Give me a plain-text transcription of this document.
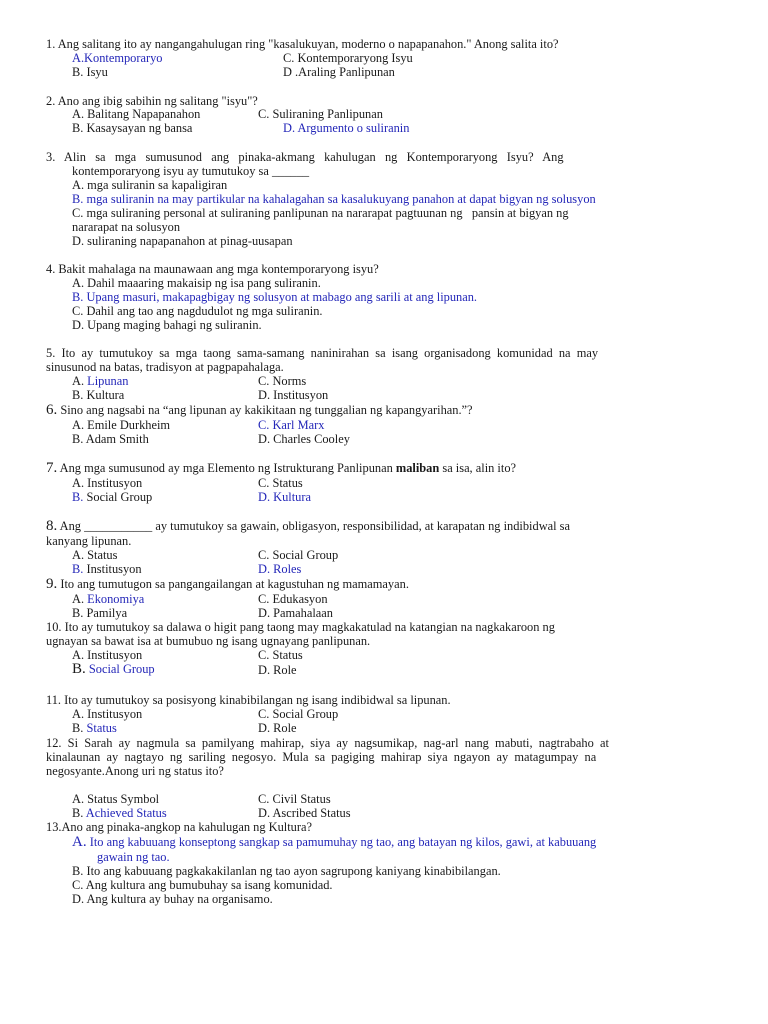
1. Ang salitang ito ay nangangahulugan ring "kasalukuyan, moderno o napapanahon." Anong salita ito?
A.Kontemporaryo	C. Kontemporaryong Isyu
B. Isyu	D .Araling Panlipunan
2. Ano ang ibig sabihin ng salitang "isyu"?
A. Balitang Napapanahon	C. Suliraning Panlipunan
B. Kasaysayan ng bansa	D. Argumento o suliranin
3.   Alin   sa   mga   sumusunod   ang   pinaka-akmang   kahulugan   ng   Kontemporaryong   Isyu?   Ang
kontemporaryong isyu ay tumutukoy sa ______
A. mga suliranin sa kapaligiran
B. mga suliranin na may partikular na kahalagahan sa kasalukuyang panahon at dapat bigyan ng solusyon
C. mga suliraning personal at suliraning panlipunan na nararapat pagtuunan ng   pansin at bigyan ng
nararapat na solusyon
D. suliraning napapanahon at pinag-uusapan
4. Bakit mahalaga na maunawaan ang mga kontemporaryong isyu?
A. Dahil maaaring makaisip ng isa pang suliranin.
B. Upang masuri, makapagbigay ng solusyon at mabago ang sarili at ang lipunan.
C. Dahil ang tao ang nagdudulot ng mga suliranin.
D. Upang maging bahagi ng suliranin.
5.  Ito  ay  tumutukoy  sa  mga  taong  sama-samang  naninirahan  sa  isang  organisadong  komunidad  na  may
sinusunod na batas, tradisyon at pagpapahalaga.
A. Lipunan	C. Norms
B. Kultura	D. Institusyon
6. Sino ang nagsabi na “ang lipunan ay kakikitaan ng tunggalian ng kapangyarihan.”?
A. Emile Durkheim	C. Karl Marx
B. Adam Smith	D. Charles Cooley
7. Ang mga sumusunod ay mga Elemento ng Istrukturang Panlipunan maliban sa isa, alin ito?
A. Institusyon	C. Status
B. Social Group	D. Kultura
8. Ang ___________ ay tumutukoy sa gawain, obligasyon, responsibilidad, at karapatan ng indibidwal sa
kanyang lipunan.
A. Status	C. Social Group
B. Institusyon	D. Roles
9. Ito ang tumutugon sa pangangailangan at kagustuhan ng mamamayan.
A. Ekonomiya	C. Edukasyon
B. Pamilya	D. Pamahalaan
10. Ito ay tumutukoy sa dalawa o higit pang taong may magkakatulad na katangian na nagkakaroon ng
ugnayan sa bawat isa at bumubuo ng isang ugnayang panlipunan.
A. Institusyon	C. Status
B. Social Group	D. Role
11. Ito ay tumutukoy sa posisyong kinabibilangan ng isang indibidwal sa lipunan.
A. Institusyon	C. Social Group
B. Status	D. Role
12.  Si  Sarah  ay  nagmula  sa  pamilyang  mahirap,  siya  ay  nagsumikap,  nag-arl  nang  mabuti,  nagtrabaho  at
kinalaunan  ay  nagtayo  ng  sariling  negosyo.  Mula  sa  pagiging  mahirap  siya  ngayon  ay  matagumpay  na
negosyante.Anong uri ng status ito?
A. Status Symbol	C. Civil Status
B. Achieved Status	D. Ascribed Status
13.Ano ang pinaka-angkop na kahulugan ng Kultura?
A. Ito ang kabuuang konseptong sangkap sa pamumuhay ng tao, ang batayan ng kilos, gawi, at kabuuang
gawain ng tao.
B. Ito ang kabuuang pagkakakilanlan ng tao ayon sagrupong kaniyang kinabibilangan.
C. Ang kultura ang bumubuhay sa isang komunidad.
D. Ang kultura ay buhay na organisamo.
